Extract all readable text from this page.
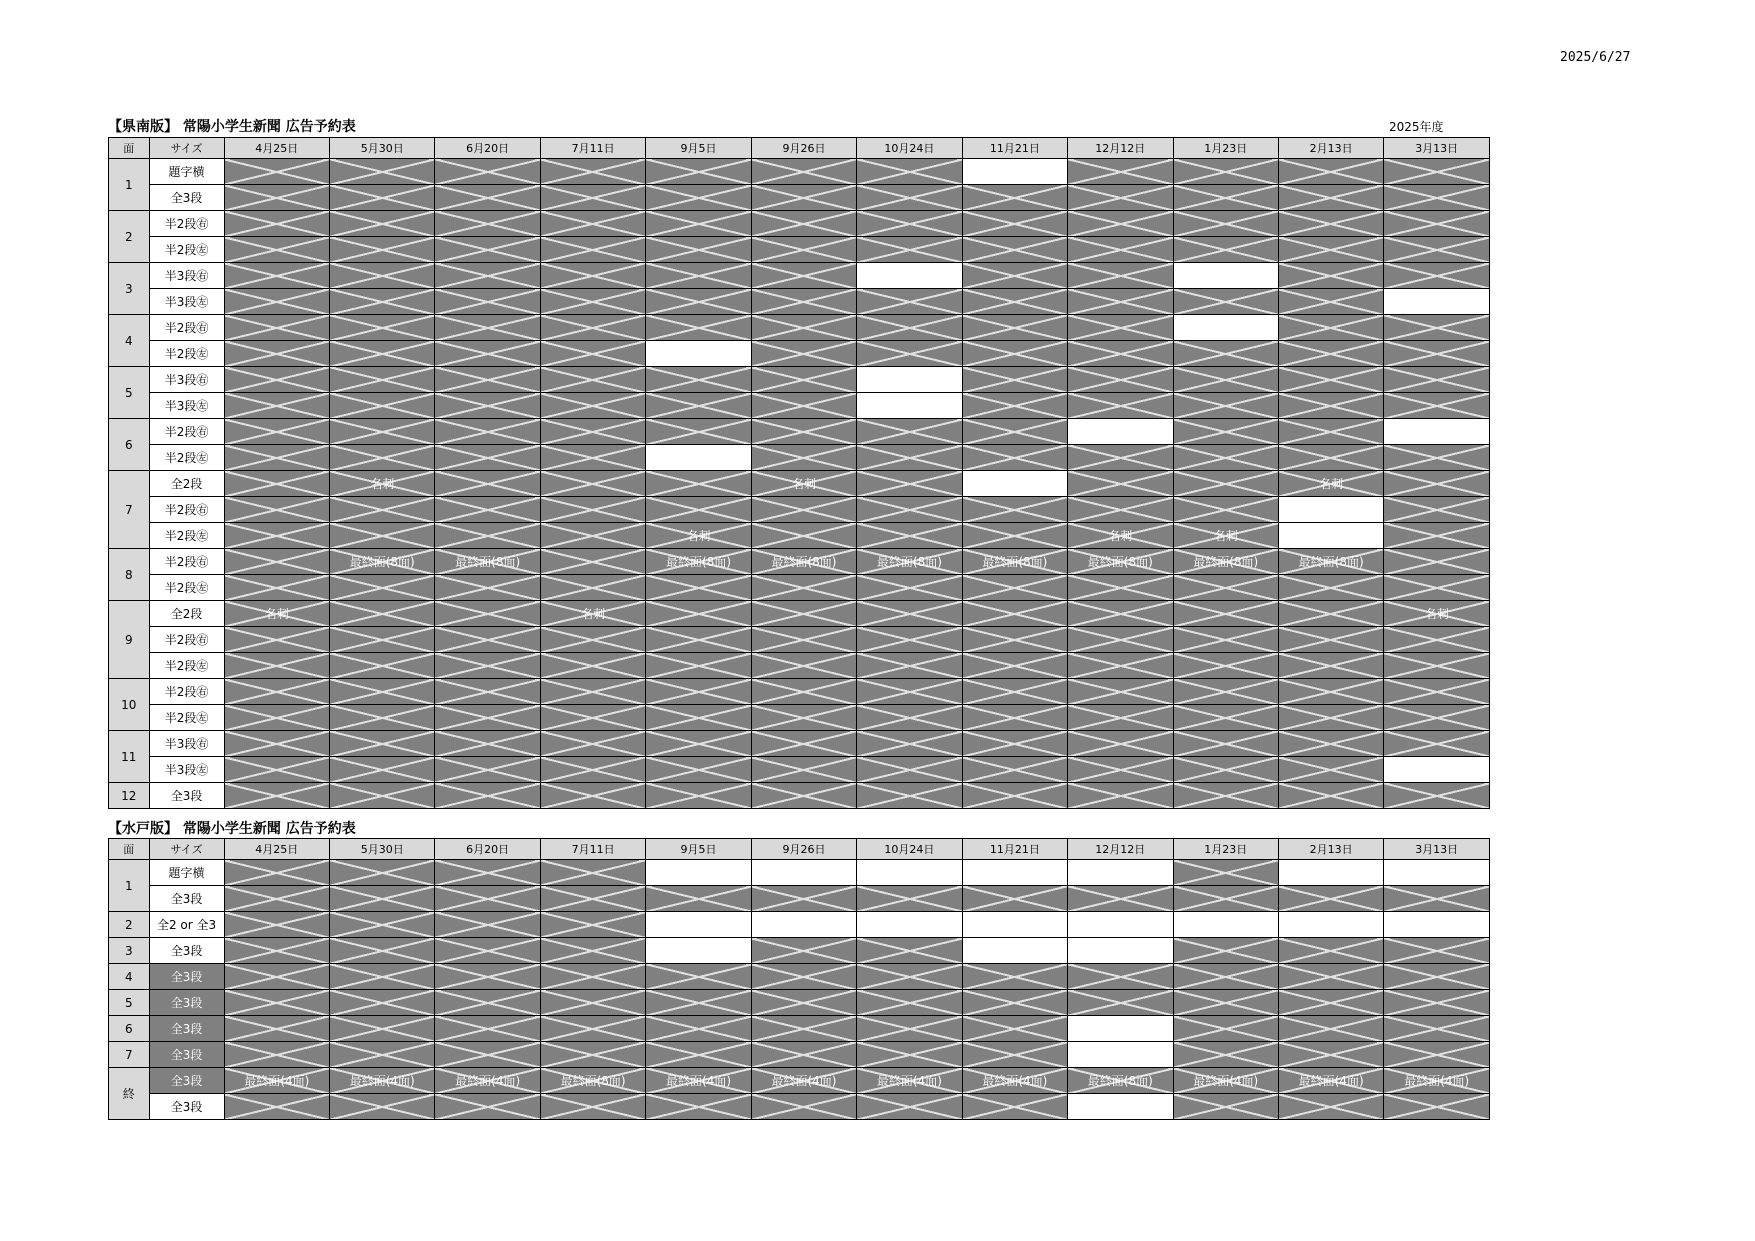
2025/6/27
【県南版】 常陽小学生新聞 広告予約表	2025年度
面	サイズ	4月25日	5月30日	6月20日	7月11日	9月5日	9月26日	10月24日	11月21日	12月12日	1月23日	2月13日	3月13日
1	題字横												
	全3段												
2	半2段㊨												
	半2段㊧												
3	半3段㊨												
	半3段㊧												
4	半2段㊨												
	半2段㊧												
5	半3段㊨												
	半3段㊧												
6	半2段㊨												
	半2段㊧												
7	全2段		名刺				名刺					名刺	
	半2段㊨												
	半2段㊧					名刺				名刺	名刺		
8	半2段㊨		最終面(8面)	最終面(8面)		最終面(8面)	最終面(8面)	最終面(8面)	最終面(8面)	最終面(8面)	最終面(8面)	最終面(8面)	
	半2段㊧												
9	全2段	名刺			名刺								名刺
	半2段㊨												
	半2段㊧												
10	半2段㊨												
	半2段㊧												
11	半3段㊨												
	半3段㊧												
12	全3段												
【水戸版】 常陽小学生新聞 広告予約表
面	サイズ	4月25日	5月30日	6月20日	7月11日	9月5日	9月26日	10月24日	11月21日	12月12日	1月23日	2月13日	3月13日
1	題字横												
	全3段												
2	全2 or 全3												
3	全3段												
4	全3段												
5	全3段												
6	全3段												
7	全3段												
終	全3段	最終面(4面)	最終面(4面)	最終面(4面)	最終面(8面)	最終面(4面)	最終面(4面)	最終面(4面)	最終面(4面)	最終面(8面)	最終面(4面)	最終面(4面)	最終面(4面)
	全3段												
